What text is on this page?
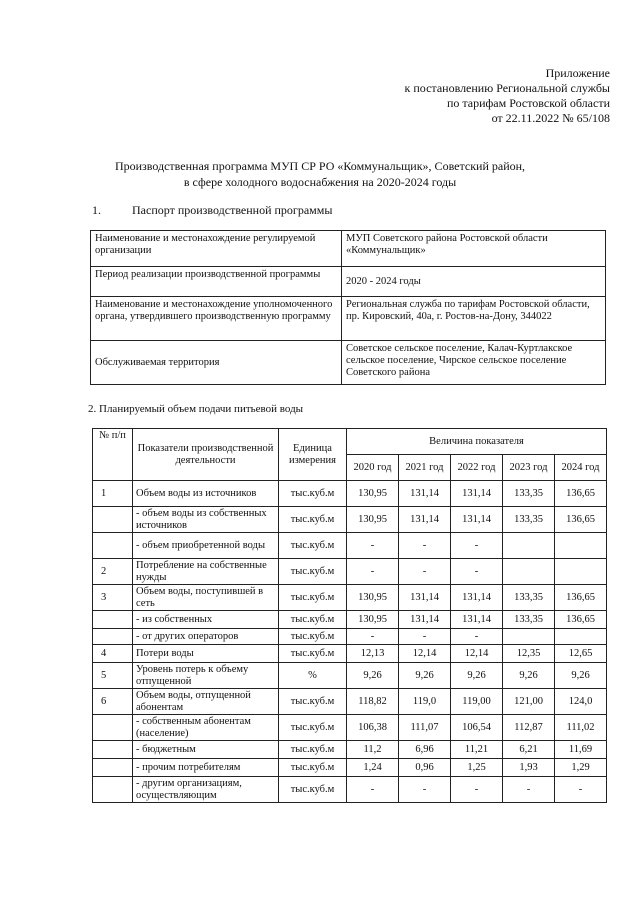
Приложение
к постановлению Региональной службы
по тарифам Ростовской области
от 22.11.2022 № 65/108
Производственная программа МУП СР РО «Коммунальщик», Советский район,
в сфере холодного водоснабжения на 2020-2024 годы
1.	Паспорт производственной программы
Наименование и местонахождение регулируемой организации	МУП Советского района Ростовской области «Коммунальщик»
Период реализации производственной программы	2020 - 2024 годы
Наименование и местонахождение уполномоченного органа, утвердившего производственную программу	Региональная служба по тарифам Ростовской области, пр. Кировский, 40а, г. Ростов-на-Дону, 344022
Обслуживаемая территория	Советское сельское поселение, Калач-Куртлакское сельское поселение, Чирское сельское поселение Советского района
2. Планируемый объем подачи питьевой воды
№ п/п	Показатели производственной деятельности	Единица измерения	Величина показателя				
			2020 год	2021 год	2022 год	2023 год	2024 год
1	Объем воды из источников	тыс.куб.м	130,95	131,14	131,14	133,35	136,65
	- объем воды из собственных источников	тыс.куб.м	130,95	131,14	131,14	133,35	136,65
	- объем приобретенной воды	тыс.куб.м	-	-	-		
2	Потребление на собственные нужды	тыс.куб.м	-	-	-		
3	Объем воды, поступившей в сеть	тыс.куб.м	130,95	131,14	131,14	133,35	136,65
	- из собственных	тыс.куб.м	130,95	131,14	131,14	133,35	136,65
	- от других операторов	тыс.куб.м	-	-	-		
4	Потери воды	тыс.куб.м	12,13	12,14	12,14	12,35	12,65
5	Уровень потерь к объему отпущенной	%	9,26	9,26	9,26	9,26	9,26
6	Объем воды, отпущенной абонентам	тыс.куб.м	118,82	119,0	119,00	121,00	124,0
	- собственным абонентам (население)	тыс.куб.м	106,38	111,07	106,54	112,87	111,02
	- бюджетным	тыс.куб.м	11,2	6,96	11,21	6,21	11,69
	- прочим потребителям	тыс.куб.м	1,24	0,96	1,25	1,93	1,29
	- другим организациям, осуществляющим	тыс.куб.м	-	-	-	-	-
